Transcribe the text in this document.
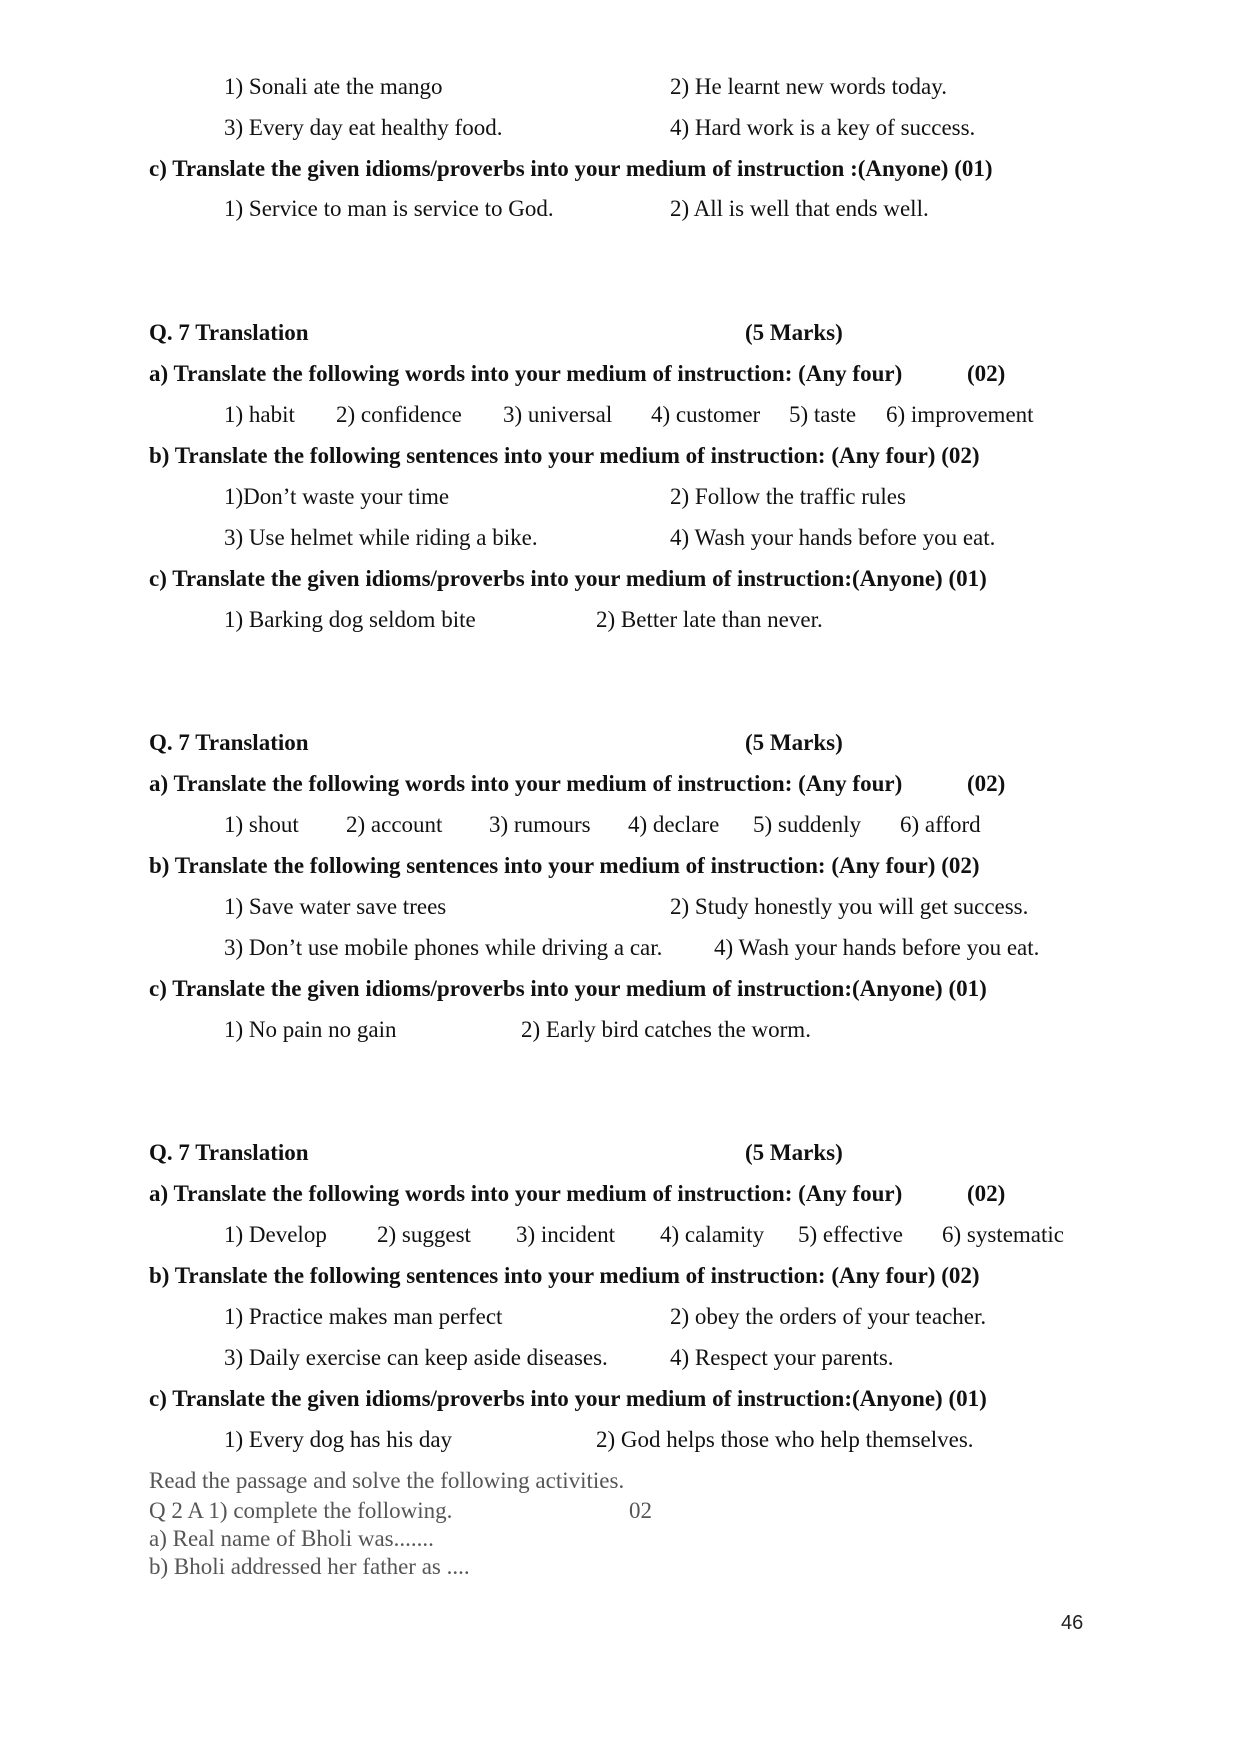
1) Sonali ate the mango	2) He learnt new words today.
3) Every day eat healthy food.	4) Hard work is a key of success.
c) Translate the given idioms/proverbs into your medium of instruction :(Anyone) (01)
1) Service to man is service to God.	2) All is well that ends well.
Q. 7 Translation	(5 Marks)
a) Translate the following words into your medium of instruction: (Any four)	(02)
1) habit 2) confidence 3) universal 4) customer 5) taste 6) improvement
b) Translate the following sentences into your medium of instruction: (Any four) (02)
1)Don’t waste your time	2) Follow the traffic rules
3) Use helmet while riding a bike.	4) Wash your hands before you eat.
c) Translate the given idioms/proverbs into your medium of instruction:(Anyone) (01)
1) Barking dog seldom bite	2) Better late than never.
Q. 7 Translation	(5 Marks)
a) Translate the following words into your medium of instruction: (Any four)	(02)
1) shout 2) account 3) rumours 4) declare 5) suddenly 6) afford
b) Translate the following sentences into your medium of instruction: (Any four) (02)
1) Save water save trees	2) Study honestly you will get success.
3) Don’t use mobile phones while driving a car. 4) Wash your hands before you eat.
c) Translate the given idioms/proverbs into your medium of instruction:(Anyone) (01)
1) No pain no gain	2) Early bird catches the worm.
Q. 7 Translation	(5 Marks)
a) Translate the following words into your medium of instruction: (Any four)	(02)
1) Develop 2) suggest 3) incident 4) calamity 5) effective 6) systematic
b) Translate the following sentences into your medium of instruction: (Any four) (02)
1) Practice makes man perfect	2) obey the orders of your teacher.
3) Daily exercise can keep aside diseases.	4) Respect your parents.
c) Translate the given idioms/proverbs into your medium of instruction:(Anyone) (01)
1) Every dog has his day	2) God helps those who help themselves.
Read the passage and solve the following activities.
Q 2 A 1) complete the following.	02
a) Real name of Bholi was.......
b) Bholi addressed her father as ....
46
